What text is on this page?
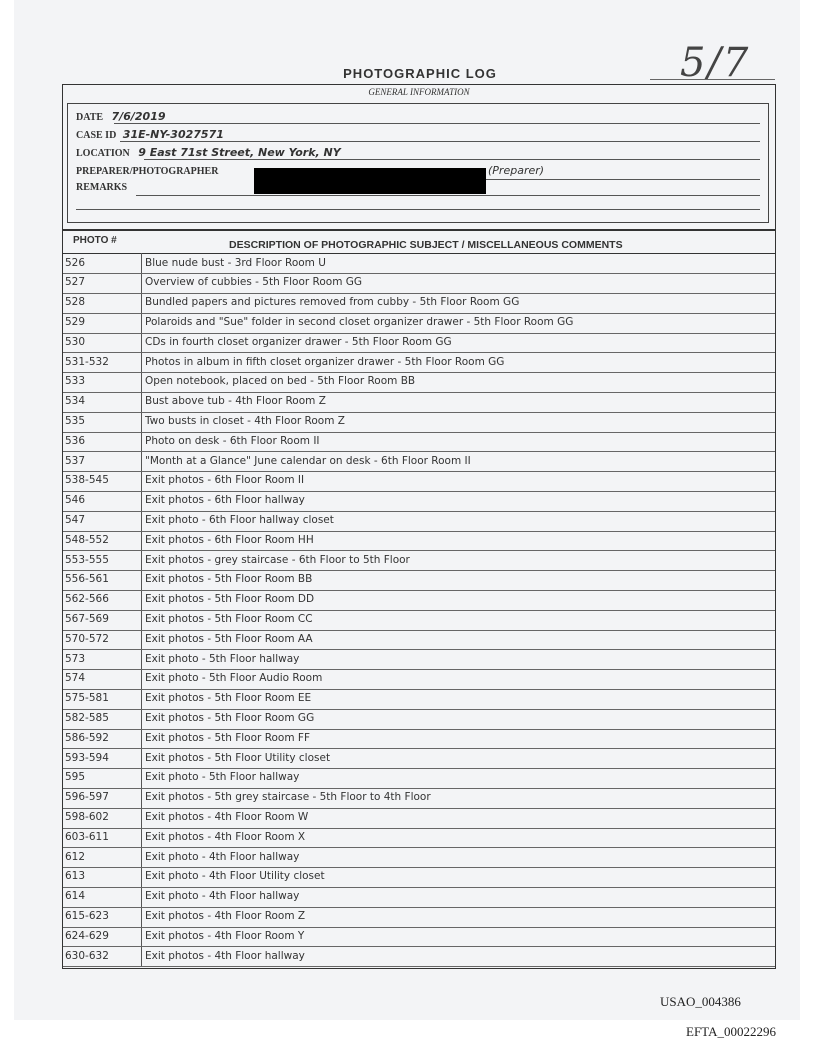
5/7
PHOTOGRAPHIC LOG
GENERAL INFORMATION
DATE 7/6/2019
CASE ID 31E-NY-3027571
LOCATION 9 East 71st Street, New York, NY
PREPARER/PHOTOGRAPHER	(Preparer)
REMARKS
PHOTO #	DESCRIPTION OF PHOTOGRAPHIC SUBJECT / MISCELLANEOUS COMMENTS
526	Blue nude bust - 3rd Floor Room U
527	Overview of cubbies - 5th Floor Room GG
528	Bundled papers and pictures removed from cubby - 5th Floor Room GG
529	Polaroids and "Sue" folder in second closet organizer drawer - 5th Floor Room GG
530	CDs in fourth closet organizer drawer - 5th Floor Room GG
531-532	Photos in album in fifth closet organizer drawer - 5th Floor Room GG
533	Open notebook, placed on bed - 5th Floor Room BB
534	Bust above tub - 4th Floor Room Z
535	Two busts in closet - 4th Floor Room Z
536	Photo on desk - 6th Floor Room II
537	"Month at a Glance" June calendar on desk - 6th Floor Room II
538-545	Exit photos - 6th Floor Room II
546	Exit photos - 6th Floor hallway
547	Exit photo - 6th Floor hallway closet
548-552	Exit photos - 6th Floor Room HH
553-555	Exit photos - grey staircase - 6th Floor to 5th Floor
556-561	Exit photos - 5th Floor Room BB
562-566	Exit photos - 5th Floor Room DD
567-569	Exit photos - 5th Floor Room CC
570-572	Exit photos - 5th Floor Room AA
573	Exit photo - 5th Floor hallway
574	Exit photo - 5th Floor Audio Room
575-581	Exit photos - 5th Floor Room EE
582-585	Exit photos - 5th Floor Room GG
586-592	Exit photos - 5th Floor Room FF
593-594	Exit photos - 5th Floor Utility closet
595	Exit photo - 5th Floor hallway
596-597	Exit photos - 5th grey staircase - 5th Floor to 4th Floor
598-602	Exit photos - 4th Floor Room W
603-611	Exit photos - 4th Floor Room X
612	Exit photo - 4th Floor hallway
613	Exit photo - 4th Floor Utility closet
614	Exit photo - 4th Floor hallway
615-623	Exit photos - 4th Floor Room Z
624-629	Exit photos - 4th Floor Room Y
630-632	Exit photos - 4th Floor hallway
USAO_004386
EFTA_00022296
